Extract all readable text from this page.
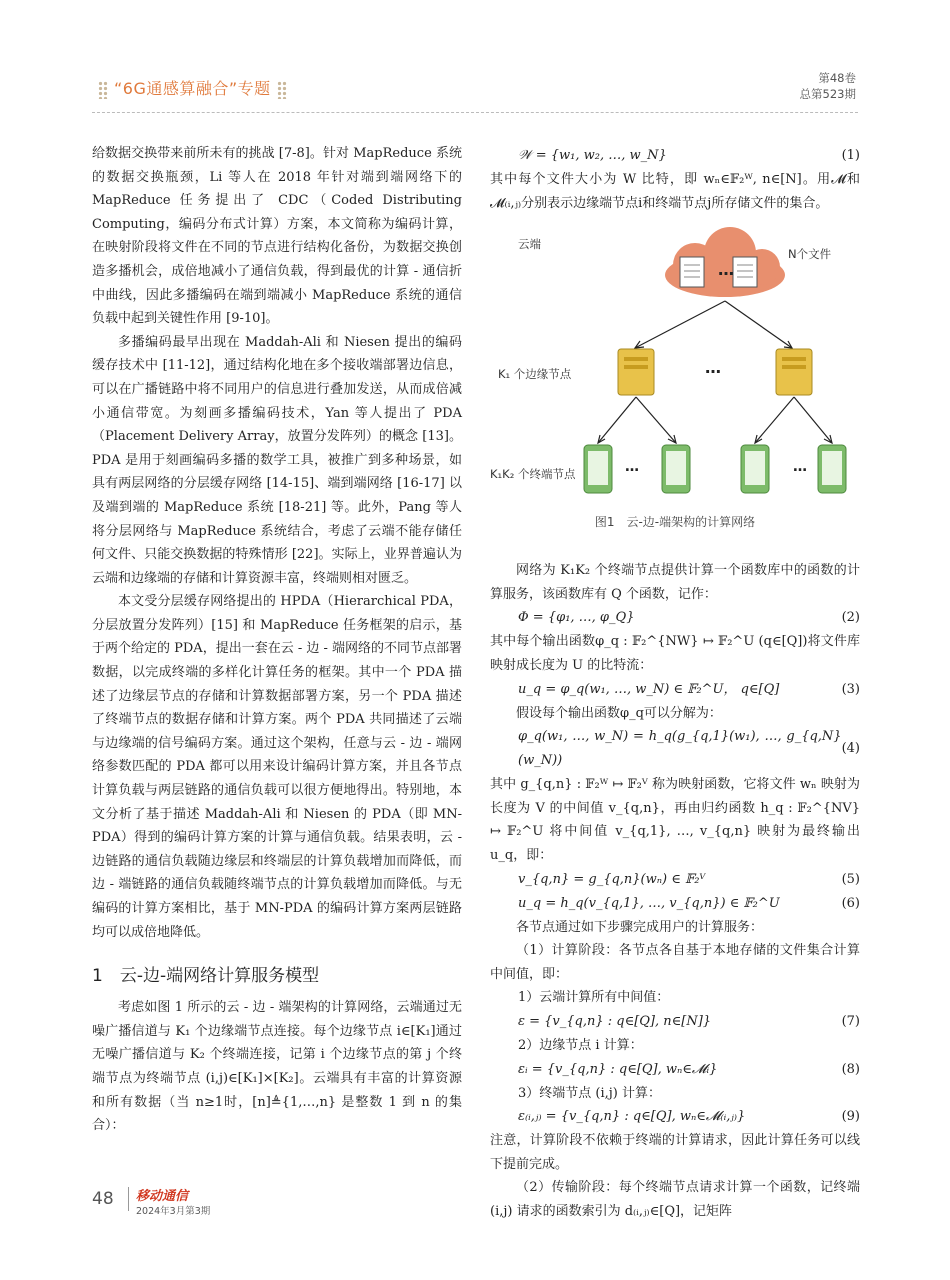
“6G通感算融合”专题
第48卷
总第523期

给数据交换带来前所未有的挑战 [7-8]。针对 MapReduce 系统的数据交换瓶颈，Li 等人在 2018 年针对端到端网络下的 MapReduce 任务提出了 CDC（Coded Distributing Computing，编码分布式计算）方案，本文简称为编码计算，在映射阶段将文件在不同的节点进行结构化备份，为数据交换创造多播机会，成倍地减小了通信负载，得到最优的计算 - 通信折中曲线，因此多播编码在端到端减小 MapReduce 系统的通信负载中起到关键性作用 [9-10]。

多播编码最早出现在 Maddah-Ali 和 Niesen 提出的编码缓存技术中 [11-12]，通过结构化地在多个接收端部署边信息，可以在广播链路中将不同用户的信息进行叠加发送，从而成倍减小通信带宽。为刻画多播编码技术，Yan 等人提出了 PDA（Placement Delivery Array，放置分发阵列）的概念 [13]。PDA 是用于刻画编码多播的数学工具，被推广到多种场景，如具有两层网络的分层缓存网络 [14-15]、端到端网络 [16-17] 以及端到端的 MapReduce 系统 [18-21] 等。此外，Pang 等人将分层网络与 MapReduce 系统结合，考虑了云端不能存储任何文件、只能交换数据的特殊情形 [22]。实际上，业界普遍认为云端和边缘端的存储和计算资源丰富，终端则相对匮乏。

本文受分层缓存网络提出的 HPDA（Hierarchical PDA，分层放置分发阵列）[15] 和 MapReduce 任务框架的启示，基于两个给定的 PDA，提出一套在云 - 边 - 端网络的不同节点部署数据，以完成终端的多样化计算任务的框架。其中一个 PDA 描述了边缘层节点的存储和计算数据部署方案，另一个 PDA 描述了终端节点的数据存储和计算方案。两个 PDA 共同描述了云端与边缘端的信号编码方案。通过这个架构，任意与云 - 边 - 端网络参数匹配的 PDA 都可以用来设计编码计算方案，并且各节点计算负载与两层链路的通信负载可以很方便地得出。特别地，本文分析了基于描述 Maddah-Ali 和 Niesen 的 PDA（即 MN-PDA）得到的编码计算方案的计算与通信负载。结果表明，云 - 边链路的通信负载随边缘层和终端层的计算负载增加而降低，而边 - 端链路的通信负载随终端节点的计算负载增加而降低。与无编码的计算方案相比，基于 MN-PDA 的编码计算方案两层链路均可以成倍地降低。

1　云-边-端网络计算服务模型

考虑如图 1 所示的云 - 边 - 端架构的计算网络，云端通过无噪广播信道与 K₁ 个边缘端节点连接。每个边缘节点 i∈[K₁]通过无噪广播信道与 K₂ 个终端连接，记第 i 个边缘节点的第 j 个终端节点为终端节点 (i,j)∈[K₁]×[K₂]。云端具有丰富的计算资源和所有数据（当 n≥1时，[n]≜{1,…,n} 是整数 1 到 n 的集合）：

𝒲 = {w₁, w₂, …, w_N}	(1)

其中每个文件大小为 W 比特，即 wₙ∈𝔽₂ᵂ, n∈[N]。用𝓜和𝓜₍ᵢ,ⱼ₎分别表示边缘端节点i和终端节点j所存储文件的集合。

…
…
…	…
云端
N个文件
K₁ 个边缘节点
K₁K₂ 个终端节点
图1　云-边-端架构的计算网络

网络为 K₁K₂ 个终端节点提供计算一个函数库中的函数的计算服务，该函数库有 Q 个函数，记作：

Φ = {φ₁, …, φ_Q}	(2)

其中每个输出函数φ_q : 𝔽₂^{NW} ↦ 𝔽₂^U (q∈[Q])将文件库映射成长度为 U 的比特流：

u_q = φ_q(w₁, …, w_N) ∈ 𝔽₂^U， q∈[Q]	(3)

假设每个输出函数φ_q可以分解为：

φ_q(w₁, …, w_N) = h_q(g_{q,1}(w₁), …, g_{q,N}(w_N))
(4)

其中 g_{q,n} : 𝔽₂ᵂ ↦ 𝔽₂ⱽ 称为映射函数，它将文件 wₙ 映射为长度为 V 的中间值 v_{q,n}，再由归约函数 h_q : 𝔽₂^{NV} ↦ 𝔽₂^U 将中间值 v_{q,1}, …, v_{q,n} 映射为最终输出 u_q，即：

v_{q,n} = g_{q,n}(wₙ) ∈ 𝔽₂ⱽ	(5)
u_q = h_q(v_{q,1}, …, v_{q,n}) ∈ 𝔽₂^U	(6)

各节点通过如下步骤完成用户的计算服务：

（1）计算阶段：各节点各自基于本地存储的文件集合计算中间值，即：

1）云端计算所有中间值：

ε = {v_{q,n} : q∈[Q], n∈[N]}	(7)

2）边缘节点 i 计算：

εᵢ = {v_{q,n} : q∈[Q], wₙ∈𝓜ᵢ}	(8)

3）终端节点 (i,j) 计算：

ε₍ᵢ,ⱼ₎ = {v_{q,n} : q∈[Q], wₙ∈𝓜₍ᵢ,ⱼ₎}	(9)

注意，计算阶段不依赖于终端的计算请求，因此计算任务可以线下提前完成。

（2）传输阶段：每个终端节点请求计算一个函数，记终端 (i,j) 请求的函数索引为 d₍ᵢ,ⱼ₎∈[Q]，记矩阵

48 移动通信
2024年3月第3期
